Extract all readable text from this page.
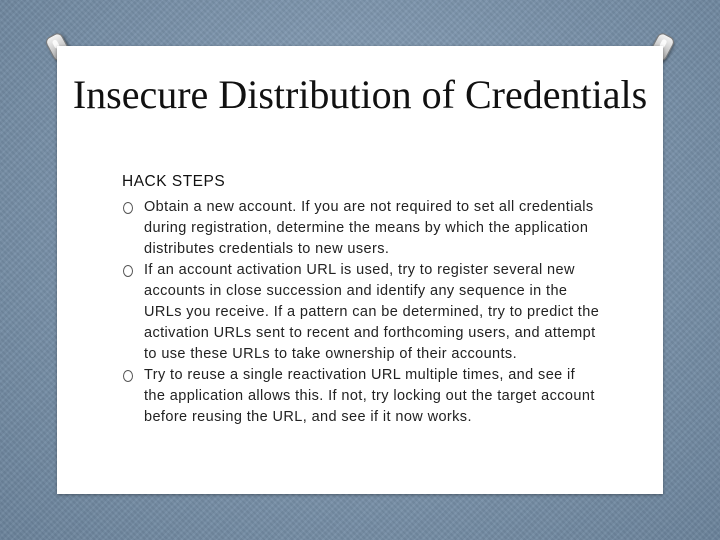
Insecure Distribution of Credentials
HACK STEPS
Obtain a new account. If you are not required to set all credentials during registration, determine the means by which the application distributes credentials to new users.
If an account activation URL is used, try to register several new accounts in close succession and identify any sequence in the URLs you receive. If a pattern can be determined, try to predict the activation URLs sent to recent and forthcoming users, and attempt to use these URLs to take ownership of their accounts.
Try to reuse a single reactivation URL multiple times, and see if the application allows this. If not, try locking out the target account before reusing the URL, and see if it now works.
